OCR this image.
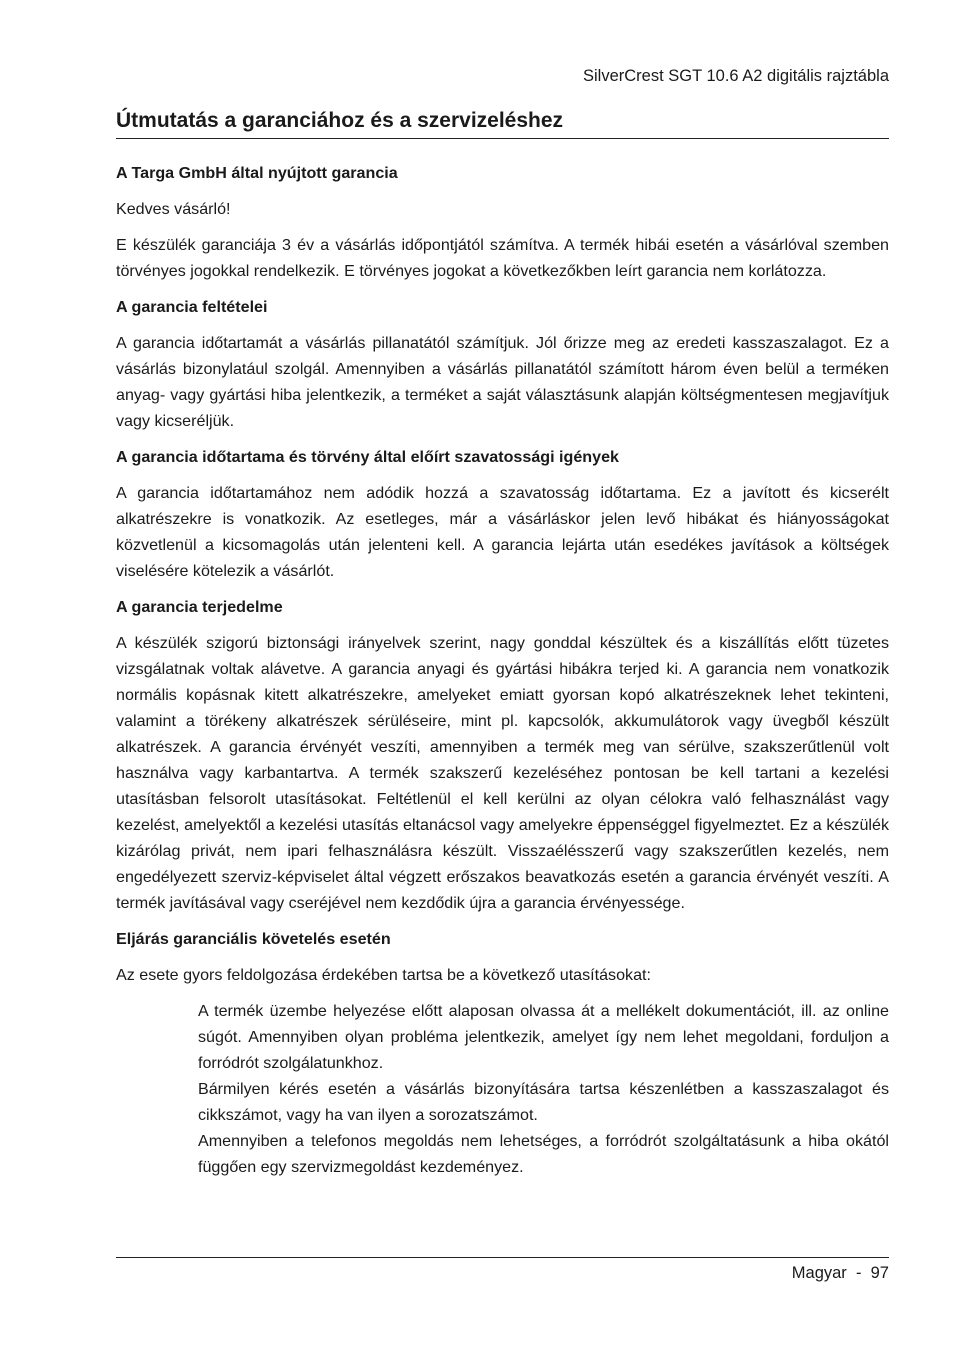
SilverCrest SGT 10.6 A2 digitális rajztábla
Útmutatás a garanciához és a szervizeléshez
A Targa GmbH által nyújtott garancia

Kedves vásárló!

E készülék garanciája 3 év a vásárlás időpontjától számítva. A termék hibái esetén a vásárlóval szemben törvényes jogokkal rendelkezik. E törvényes jogokat a következőkben leírt garancia nem korlátozza.

A garancia feltételei

A garancia időtartamát a vásárlás pillanatától számítjuk. Jól őrizze meg az eredeti kasszaszalagot. Ez a vásárlás bizonylatául szolgál. Amennyiben a vásárlás pillanatától számított három éven belül a terméken anyag- vagy gyártási hiba jelentkezik, a terméket a saját választásunk alapján költségmentesen megjavítjuk vagy kicseréljük.

A garancia időtartama és törvény által előírt szavatossági igények

A garancia időtartamához nem adódik hozzá a szavatosság időtartama. Ez a javított és kicserélt alkatrészekre is vonatkozik. Az esetleges, már a vásárláskor jelen levő hibákat és hiányosságokat közvetlenül a kicsomagolás után jelenteni kell. A garancia lejárta után esedékes javítások a költségek viselésére kötelezik a vásárlót.

A garancia terjedelme

A készülék szigorú biztonsági irányelvek szerint, nagy gonddal készültek és a kiszállítás előtt tüzetes vizsgálatnak voltak alávetve. A garancia anyagi és gyártási hibákra terjed ki. A garancia nem vonatkozik normális kopásnak kitett alkatrészekre, amelyeket emiatt gyorsan kopó alkatrészeknek lehet tekinteni, valamint a törékeny alkatrészek sérüléseire, mint pl. kapcsolók, akkumulátorok vagy üvegből készült alkatrészek. A garancia érvényét veszíti, amennyiben a termék meg van sérülve, szakszerűtlenül volt használva vagy karbantartva. A termék szakszerű kezeléséhez pontosan be kell tartani a kezelési utasításban felsorolt utasításokat. Feltétlenül el kell kerülni az olyan célokra való felhasználást vagy kezelést, amelyektől a kezelési utasítás eltanácsol vagy amelyekre éppenséggel figyelmeztet. Ez a készülék kizárólag privát, nem ipari felhasználásra készült. Visszaélésszerű vagy szakszerűtlen kezelés, nem engedélyezett szerviz-képviselet által végzett erőszakos beavatkozás esetén a garancia érvényét veszíti. A termék javításával vagy cseréjével nem kezdődik újra a garancia érvényessége.

Eljárás garanciális követelés esetén

Az esete gyors feldolgozása érdekében tartsa be a következő utasításokat:

A termék üzembe helyezése előtt alaposan olvassa át a mellékelt dokumentációt, ill. az online súgót. Amennyiben olyan probléma jelentkezik, amelyet így nem lehet megoldani, forduljon a forródrót szolgálatunkhoz.
Bármilyen kérés esetén a vásárlás bizonyítására tartsa készenlétben a kasszaszalagot és cikkszámot, vagy ha van ilyen a sorozatszámot.
Amennyiben a telefonos megoldás nem lehetséges, a forródrót szolgáltatásunk a hiba okától függően egy szervizmegoldást kezdeményez.
Magyar  -  97
